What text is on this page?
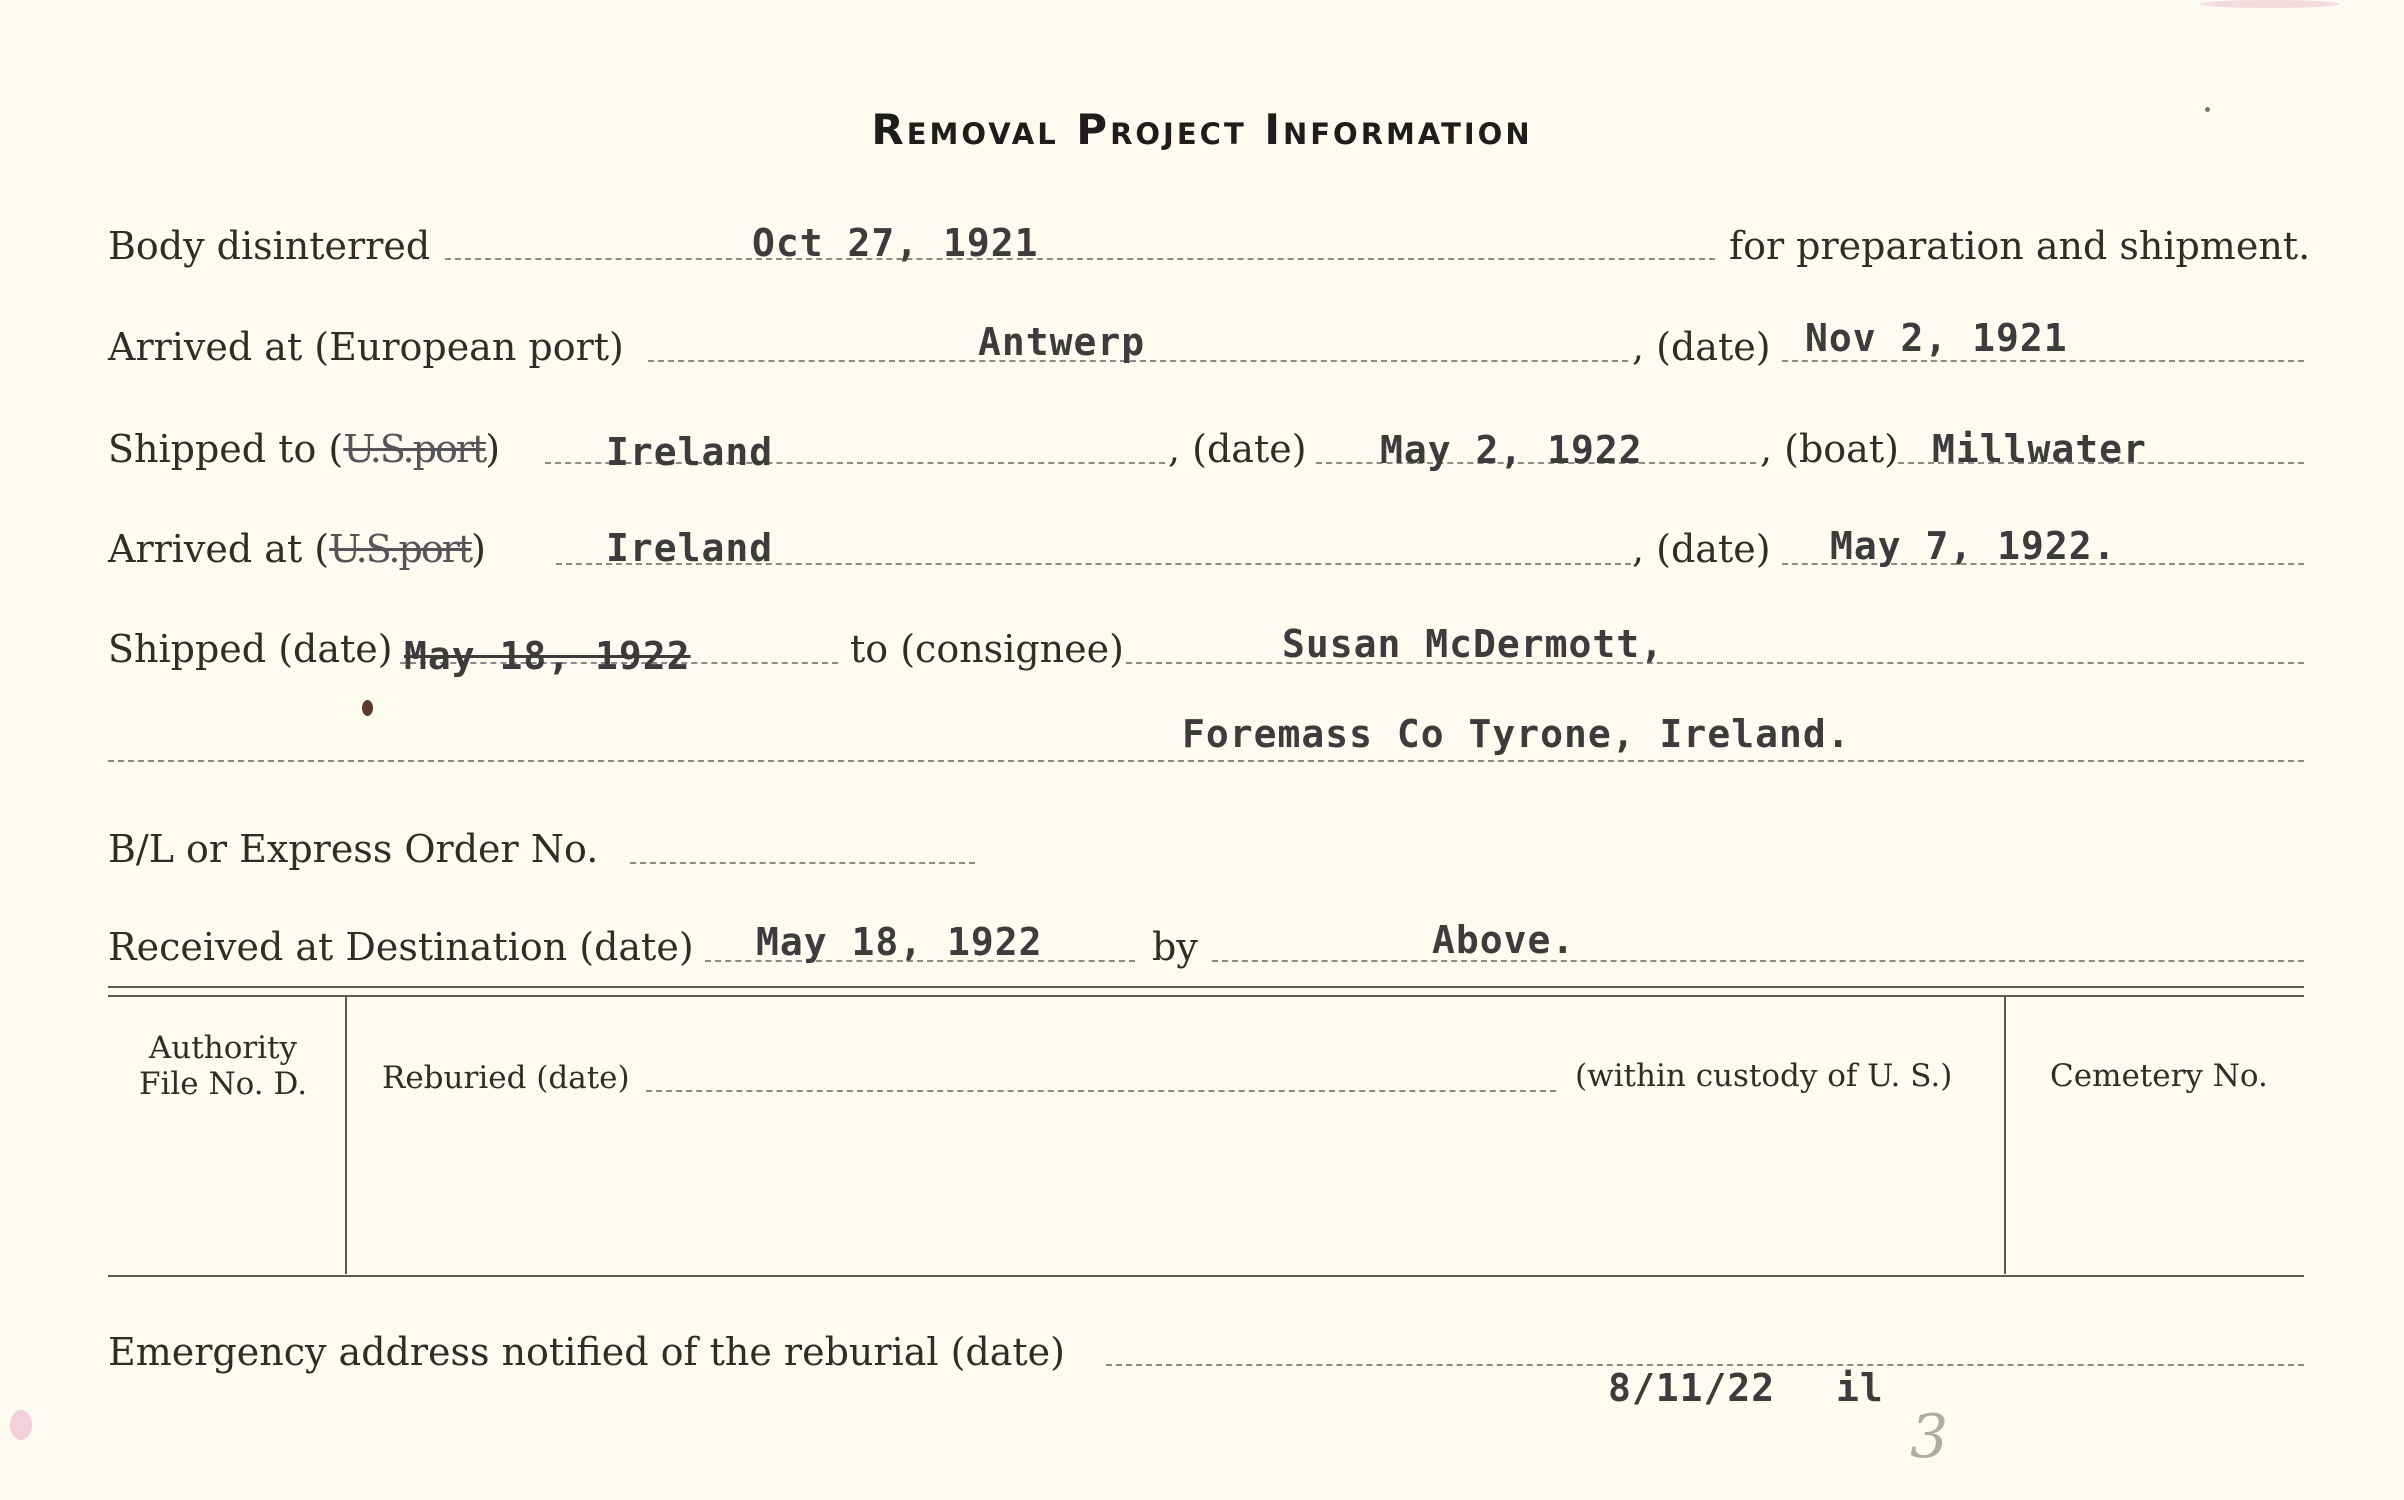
Removal Project Information
Body disinterred	Oct 27, 1921	for preparation and shipment.
Arrived at (European port)	Antwerp	, (date) Nov 2, 1921
Shipped to (U.S.port)	Ireland	, (date) May 2, 1922	, (boat) Millwater
Arrived at (U.S.port)	Ireland	, (date) May 7, 1922.
Shipped (date) May 18, 1922	to (consignee)	Susan McDermott,
Foremass Co Tyrone, Ireland.
B/L or Express Order No.
Received at Destination (date) May 18, 1922	by	Above.
Authority
File No. D.	Reburied (date)	(within custody of U. S.)	Cemetery No.
Emergency address notified of the reburial (date)
8/11/22 il
3
